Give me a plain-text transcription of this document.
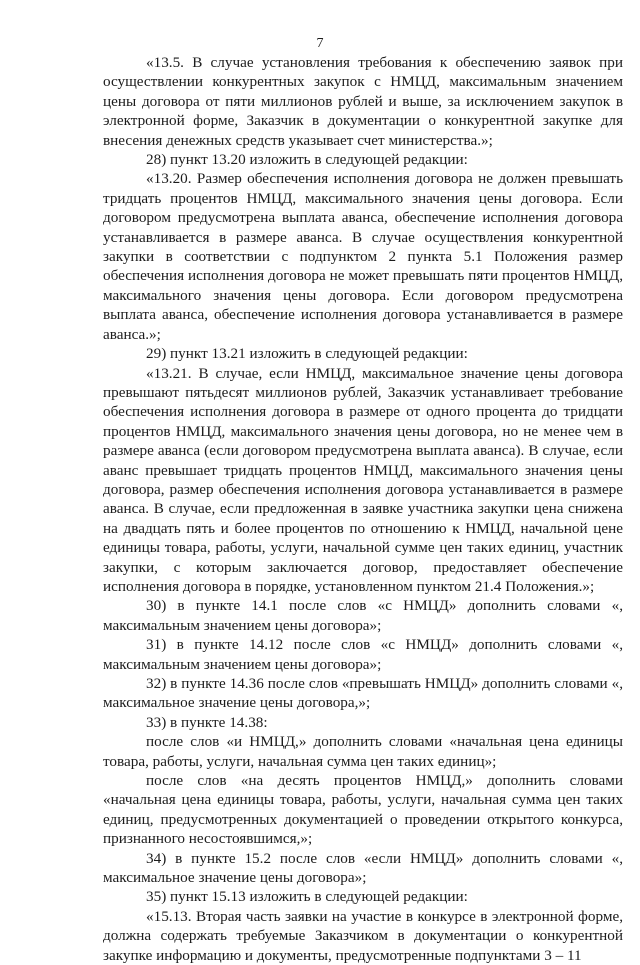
7
«13.5. В случае установления требования к обеспечению заявок при
осуществлении конкурентных закупок с НМЦД, максимальным значением
цены договора от пяти миллионов рублей и выше, за исключением закупок в
электронной форме, Заказчик в документации о конкурентной закупке для
внесения денежных средств указывает счет министерства.»;
28) пункт 13.20 изложить в следующей редакции:
«13.20. Размер обеспечения исполнения договора не должен превышать
тридцать процентов НМЦД, максимального значения цены договора. Если
договором предусмотрена выплата аванса, обеспечение исполнения договора
устанавливается в размере аванса. В случае осуществления конкурентной
закупки в соответствии с подпунктом 2 пункта 5.1 Положения размер
обеспечения исполнения договора не может превышать пяти процентов НМЦД,
максимального значения цены договора. Если договором предусмотрена
выплата аванса, обеспечение исполнения договора устанавливается в размере
аванса.»;
29) пункт 13.21 изложить в следующей редакции:
«13.21. В случае, если НМЦД, максимальное значение цены договора
превышают пятьдесят миллионов рублей, Заказчик устанавливает требование
обеспечения исполнения договора в размере от одного процента до тридцати
процентов НМЦД, максимального значения цены договора, но не менее чем в
размере аванса (если договором предусмотрена выплата аванса). В случае, если
аванс превышает тридцать процентов НМЦД, максимального значения цены
договора, размер обеспечения исполнения договора устанавливается в размере
аванса. В случае, если предложенная в заявке участника закупки цена снижена
на двадцать пять и более процентов по отношению к НМЦД, начальной цене
единицы товара, работы, услуги, начальной сумме цен таких единиц, участник
закупки, с которым заключается договор, предоставляет обеспечение
исполнения договора в порядке, установленном пунктом 21.4 Положения.»;
30) в пункте 14.1 после слов «с НМЦД» дополнить словами «,
максимальным значением цены договора»;
31) в пункте 14.12 после слов «с НМЦД» дополнить словами «,
максимальным значением цены договора»;
32) в пункте 14.36 после слов «превышать НМЦД» дополнить словами «,
максимальное значение цены договора,»;
33) в пункте 14.38:
после слов «и НМЦД,» дополнить словами «начальная цена единицы
товара, работы, услуги, начальная сумма цен таких единиц»;
после слов «на десять процентов НМЦД,» дополнить словами
«начальная цена единицы товара, работы, услуги, начальная сумма цен таких
единиц, предусмотренных документацией о проведении открытого конкурса,
признанного несостоявшимся,»;
34) в пункте 15.2 после слов «если НМЦД» дополнить словами «,
максимальное значение цены договора»;
35) пункт 15.13 изложить в следующей редакции:
«15.13. Вторая часть заявки на участие в конкурсе в электронной форме,
должна содержать требуемые Заказчиком в документации о конкурентной
закупке информацию и документы, предусмотренные подпунктами 3 – 11
